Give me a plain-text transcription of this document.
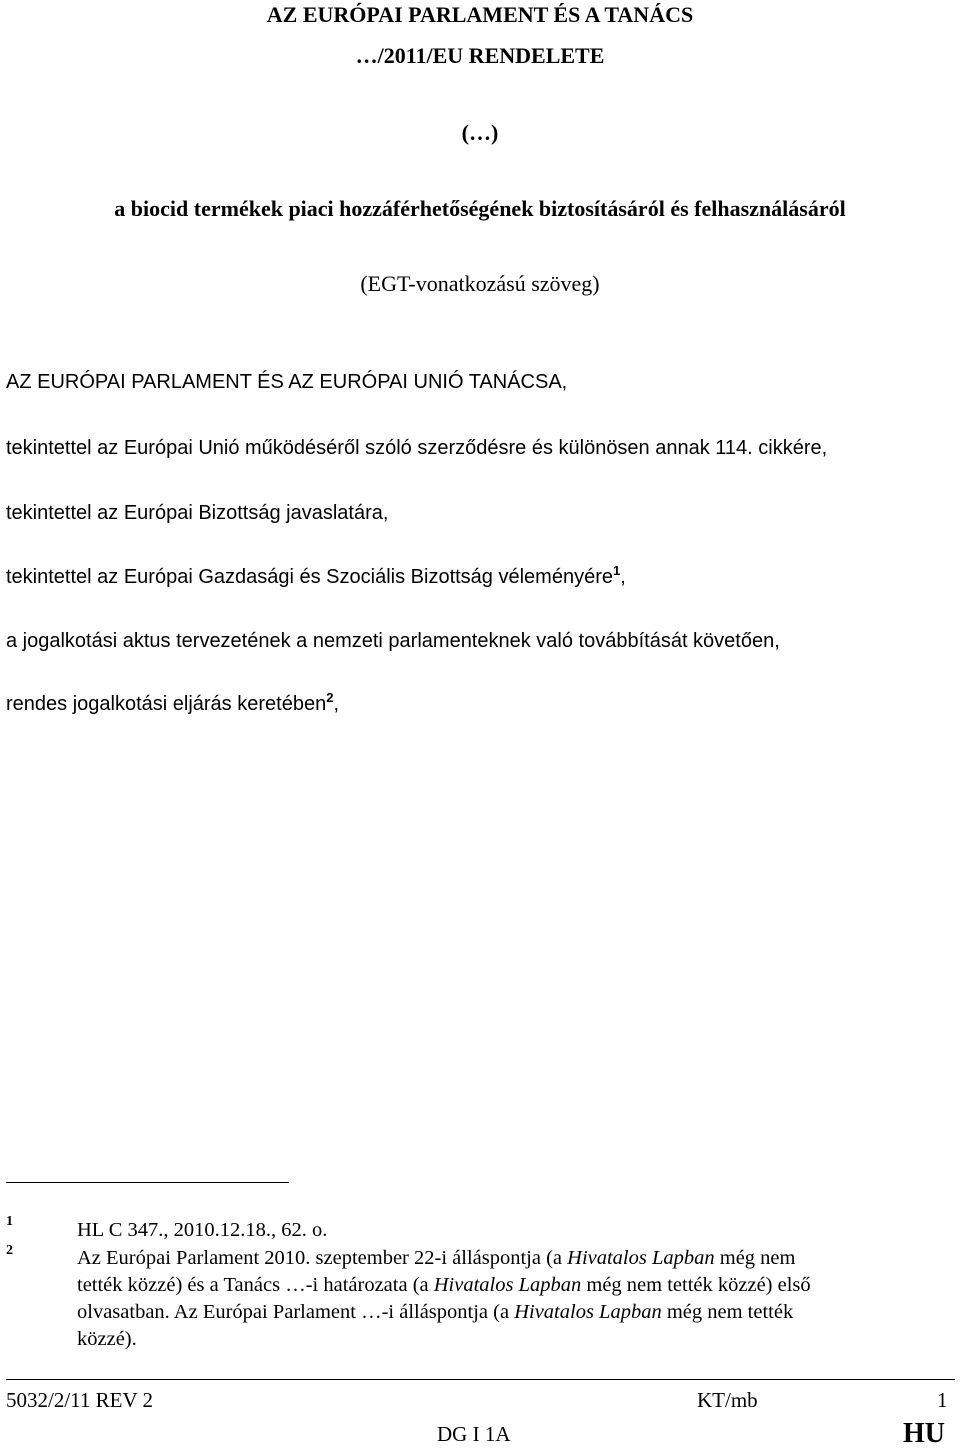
AZ EURÓPAI PARLAMENT ÉS A TANÁCS
…/2011/EU RENDELETE
(…)
a biocid termékek piaci hozzáférhetőségének biztosításáról és felhasználásáról
(EGT-vonatkozású szöveg)
AZ EURÓPAI PARLAMENT ÉS AZ EURÓPAI UNIÓ TANÁCSA,
tekintettel az Európai Unió működéséről szóló szerződésre és különösen annak 114. cikkére,
tekintettel az Európai Bizottság javaslatára,
tekintettel az Európai Gazdasági és Szociális Bizottság véleményére$^1$,
a jogalkotási aktus tervezetének a nemzeti parlamenteknek való továbbítását követően,
rendes jogalkotási eljárás keretében$^2$,
1	HL C 347., 2010.12.18., 62. o.
2	Az Európai Parlament 2010. szeptember 22-i álláspontja (a Hivatalos Lapban még nem
tették közzé) és a Tanács …-i határozata (a Hivatalos Lapban még nem tették közzé) első
olvasatban. Az Európai Parlament …-i álláspontja (a Hivatalos Lapban még nem tették
közzé).
5032/2/11 REV 2	KT/mb	1
DG I 1A	HU
